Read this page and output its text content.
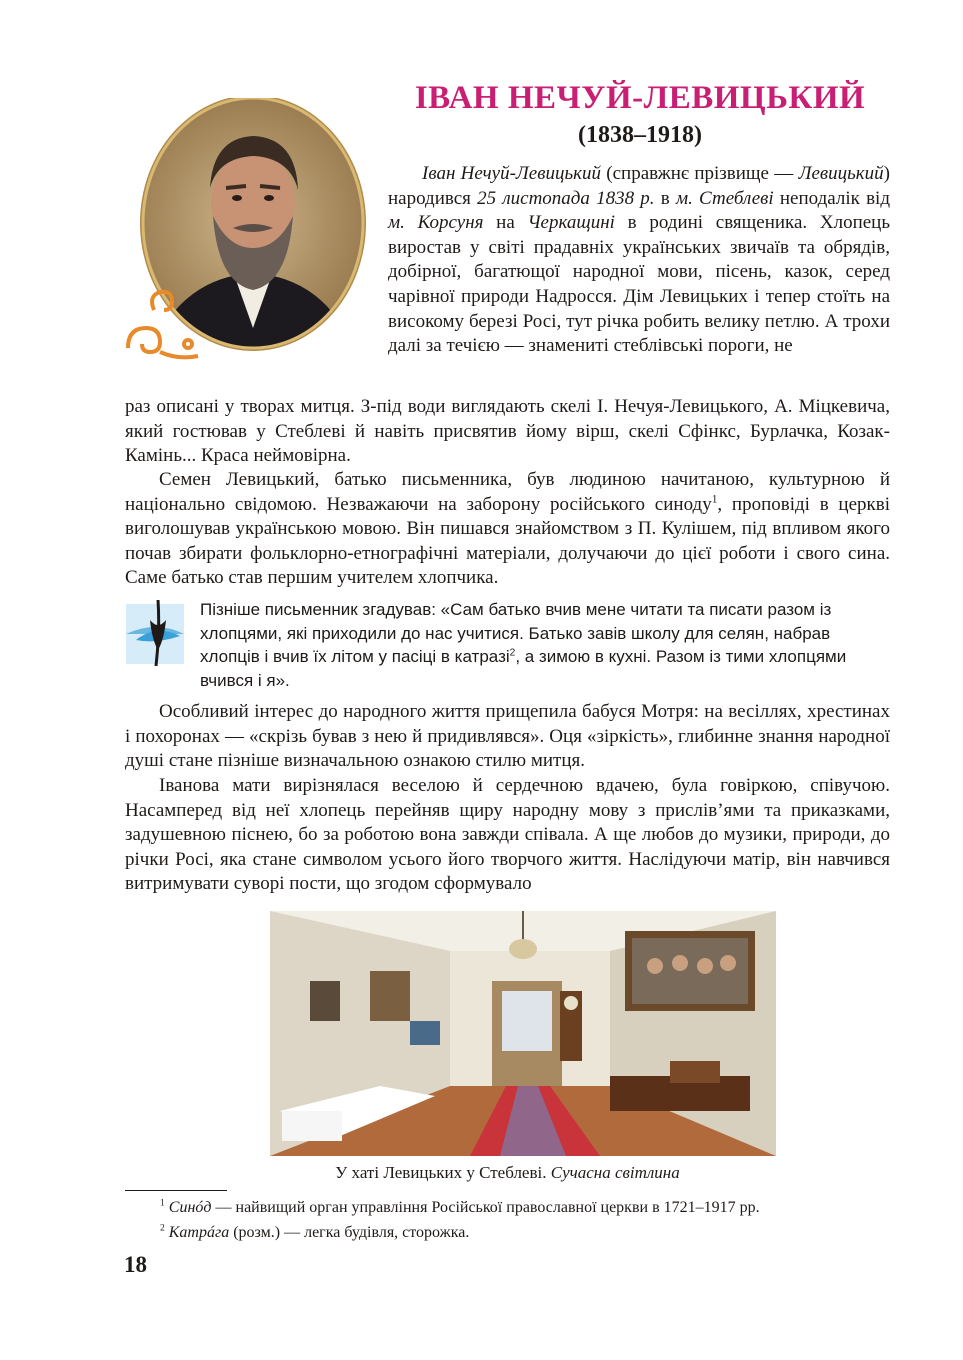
ІВАН НЕЧУЙ-ЛЕВИЦЬКИЙ
(1838–1918)

Іван Нечуй-Левицький (справжнє прізвище — Левицький) народився 25 листопада 1838 р. в м. Стеблеві неподалік від м. Корсуня на Черкащині в родині священика. Хлопець виростав у світі прадавніх українських звичаїв та обрядів, добірної, багатющої народної мови, пісень, казок, серед чарівної природи Надросся. Дім Левицьких і тепер стоїть на високому березі Росі, тут річка робить велику петлю. А трохи далі за течією — знамениті стеблівські пороги, не

раз описані у творах митця. З-під води виглядають скелі І. Нечуя-Левицького, А. Міцкевича, який гостював у Стеблеві й навіть присвятив йому вірш, скелі Сфінкс, Бурлачка, Козак-Камінь... Краса неймовірна.

Семен Левицький, батько письменника, був людиною начитаною, культурною й національно свідомою. Незважаючи на заборону російського синоду$^1$, проповіді в церкві виголошував українською мовою. Він пишався знайомством з П. Кулішем, під впливом якого почав збирати фольклорно-етнографічні матеріали, долучаючи до цієї роботи і свого сина. Саме батько став першим учителем хлопчика.

Пізніше письменник згадував: «Сам батько вчив мене читати та писати разом із хлопцями, які приходили до нас учитися. Батько завів школу для селян, набрав хлопців і вчив їх літом у пасіці в катразі$^2$, а зимою в кухні. Разом із тими хлопцями вчився і я».

Особливий інтерес до народного життя прищепила бабуся Мотря: на весіллях, хрестинах і похоронах — «скрізь бував з нею й придивлявся». Оця «зіркість», глибинне знання народної душі стане пізніше визначальною ознакою стилю митця.

Іванова мати вирізнялася веселою й сердечною вдачею, була говіркою, співучою. Насамперед від неї хлопець перейняв щиру народну мову з прислів’ями та приказками, задушевною піснею, бо за роботою вона завжди співала. А ще любов до музики, природи, до річки Росі, яка стане символом усього його творчого життя. Наслідуючи матір, він навчився витримувати суворі пости, що згодом сформувало

У хаті Левицьких у Стеблеві. Сучасна світлина
$^1$ Синóд — найвищий орган управління Російської православної церкви в 1721–1917 рр.
$^2$ Катрáга (розм.) — легка будівля, сторожка.
18
